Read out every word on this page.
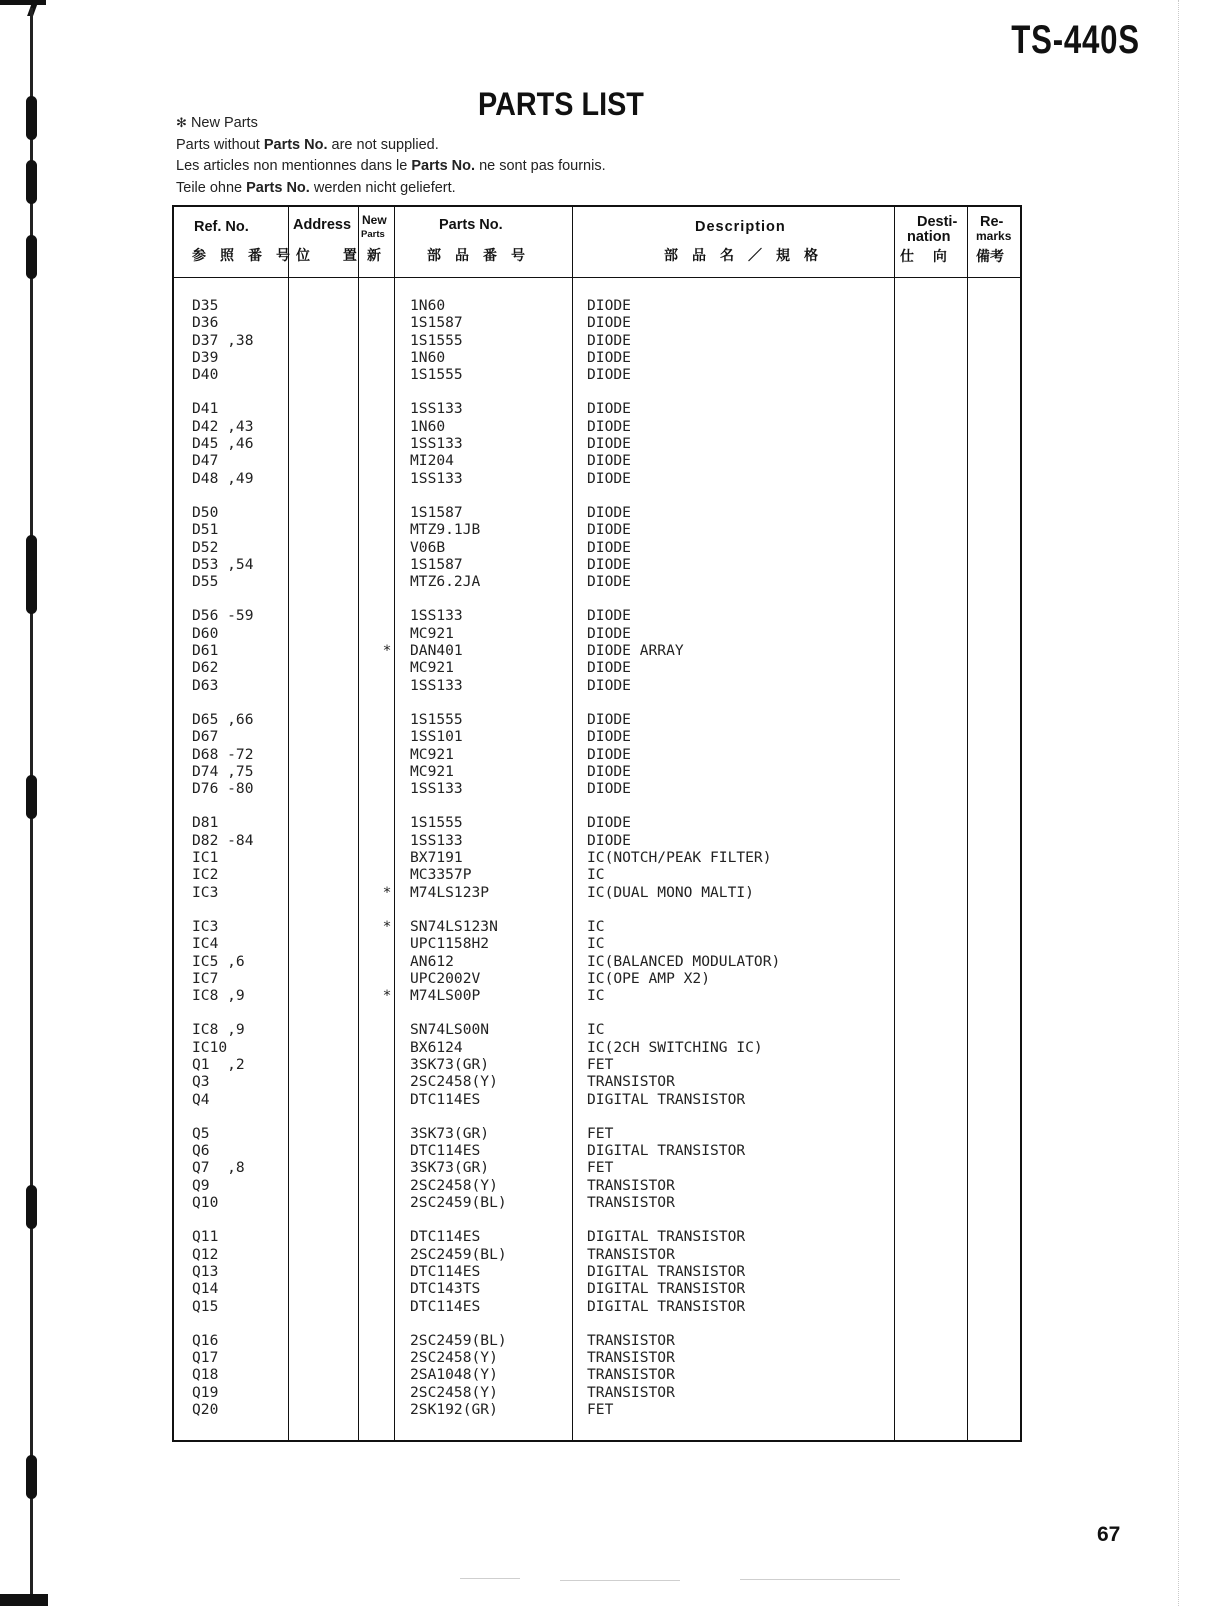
TS-440S
PARTS LIST
✻ New Parts
Parts without Parts No. are not supplied.
Les articles non mentionnes dans le Parts No. ne sont pas fournis.
Teile ohne Parts No. werden nicht geliefert.
Ref. No.
参照番号
Address
位 置
New
Parts
新
Parts No.
部品番号
Description
部品名／規格
Desti-
nation
仕　 向
Re-
marks
備考
D35
D36
D37 ,38
D39
D40
D41
D42 ,43
D45 ,46
D47
D48 ,49
D50
D51
D52
D53 ,54
D55
D56 -59
D60
D61
D62
D63
D65 ,66
D67
D68 -72
D74 ,75
D76 -80
D81
D82 -84
IC1
IC2
IC3
IC3
IC4
IC5 ,6
IC7
IC8 ,9
IC8 ,9
IC10
Q1  ,2
Q3
Q4
Q5
Q6
Q7  ,8
Q9
Q10
Q11
Q12
Q13
Q14
Q15
Q16
Q17
Q18
Q19
Q20
*
*
*
*
1N60
1S1587
1S1555
1N60
1S1555
1SS133
1N60
1SS133
MI204
1SS133
1S1587
MTZ9.1JB
V06B
1S1587
MTZ6.2JA
1SS133
MC921
DAN401
MC921
1SS133
1S1555
1SS101
MC921
MC921
1SS133
1S1555
1SS133
BX7191
MC3357P
M74LS123P
SN74LS123N
UPC1158H2
AN612
UPC2002V
M74LS00P
SN74LS00N
BX6124
3SK73(GR)
2SC2458(Y)
DTC114ES
3SK73(GR)
DTC114ES
3SK73(GR)
2SC2458(Y)
2SC2459(BL)
DTC114ES
2SC2459(BL)
DTC114ES
DTC143TS
DTC114ES
2SC2459(BL)
2SC2458(Y)
2SA1048(Y)
2SC2458(Y)
2SK192(GR)
DIODE
DIODE
DIODE
DIODE
DIODE
DIODE
DIODE
DIODE
DIODE
DIODE
DIODE
DIODE
DIODE
DIODE
DIODE
DIODE
DIODE
DIODE ARRAY
DIODE
DIODE
DIODE
DIODE
DIODE
DIODE
DIODE
DIODE
DIODE
IC(NOTCH/PEAK FILTER)
IC
IC(DUAL MONO MALTI)
IC
IC
IC(BALANCED MODULATOR)
IC(OPE AMP X2)
IC
IC
IC(2CH SWITCHING IC)
FET
TRANSISTOR
DIGITAL TRANSISTOR
FET
DIGITAL TRANSISTOR
FET
TRANSISTOR
TRANSISTOR
DIGITAL TRANSISTOR
TRANSISTOR
DIGITAL TRANSISTOR
DIGITAL TRANSISTOR
DIGITAL TRANSISTOR
TRANSISTOR
TRANSISTOR
TRANSISTOR
TRANSISTOR
FET
67
